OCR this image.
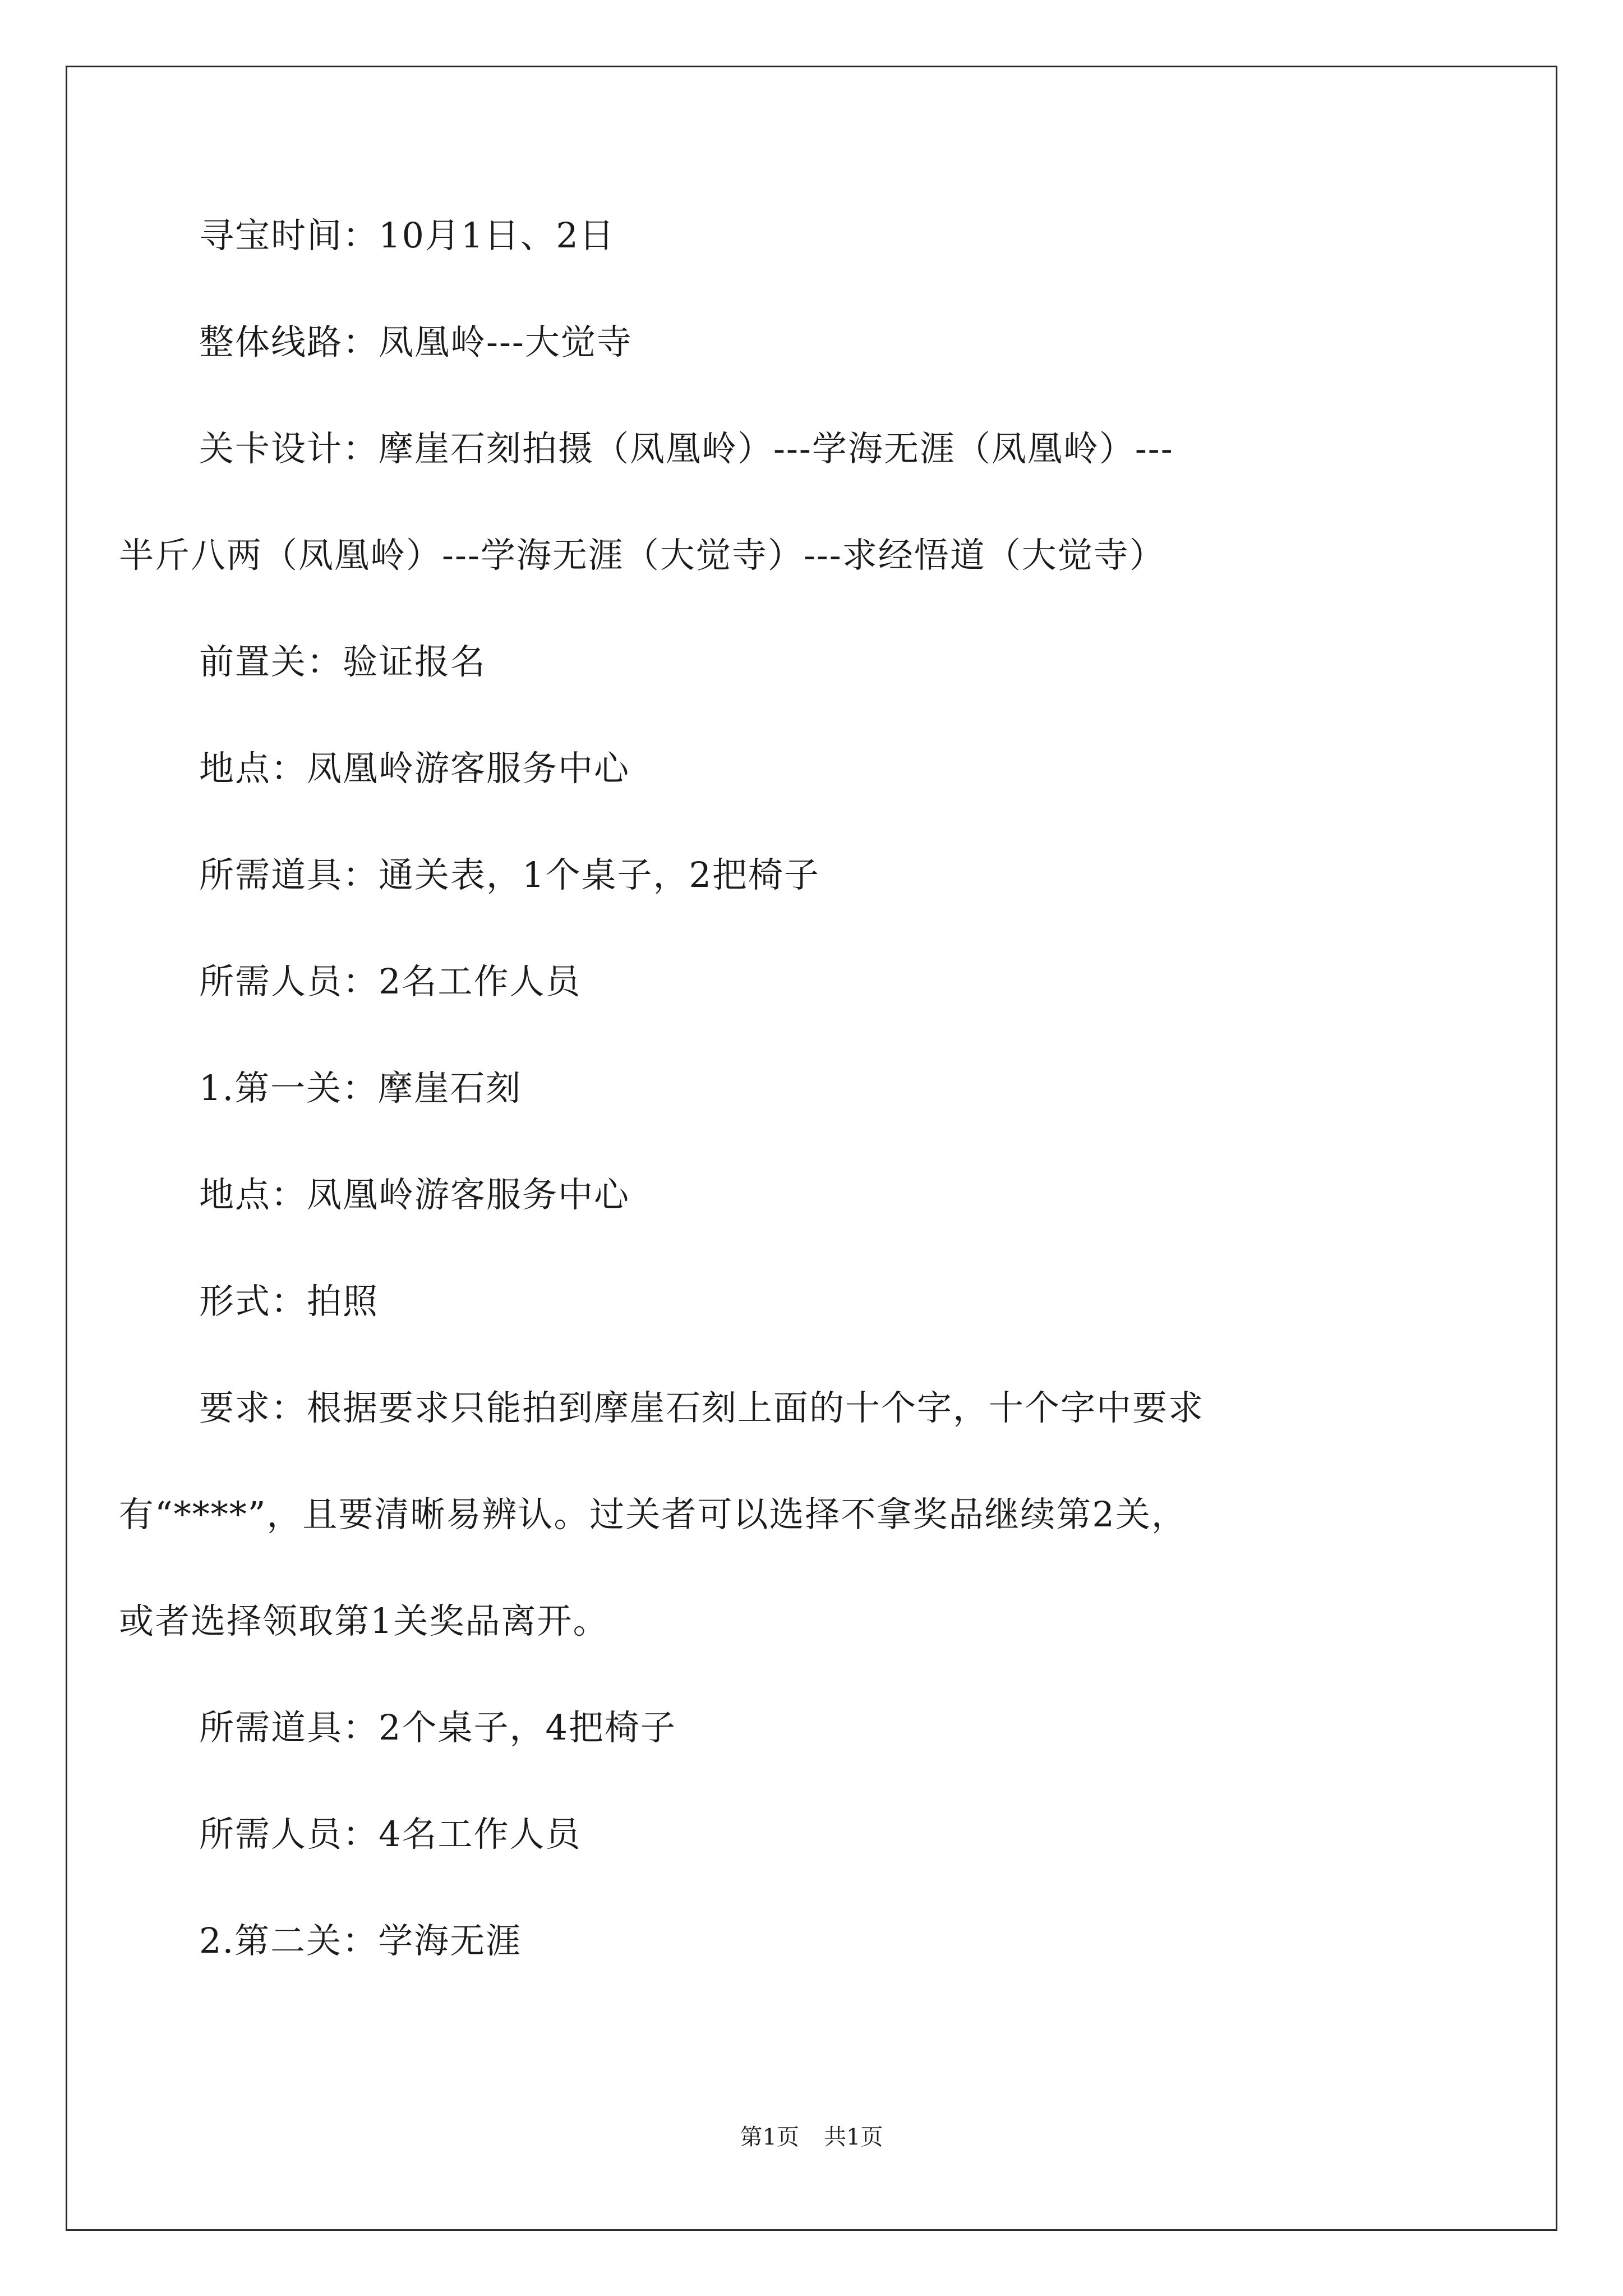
寻宝时间：10月1日、2日
整体线路：凤凰岭---大觉寺
关卡设计：摩崖石刻拍摄（凤凰岭）---学海无涯（凤凰岭）---
半斤八两（凤凰岭）---学海无涯（大觉寺）---求经悟道（大觉寺）
前置关：验证报名
地点：凤凰岭游客服务中心
所需道具：通关表，1个桌子，2把椅子
所需人员：2名工作人员
1.第一关：摩崖石刻
地点：凤凰岭游客服务中心
形式：拍照
要求：根据要求只能拍到摩崖石刻上面的十个字，十个字中要求
有“****”，且要清晰易辨认。过关者可以选择不拿奖品继续第2关，
或者选择领取第1关奖品离开。
所需道具：2个桌子，4把椅子
所需人员：4名工作人员
2.第二关：学海无涯
第1页 共1页
